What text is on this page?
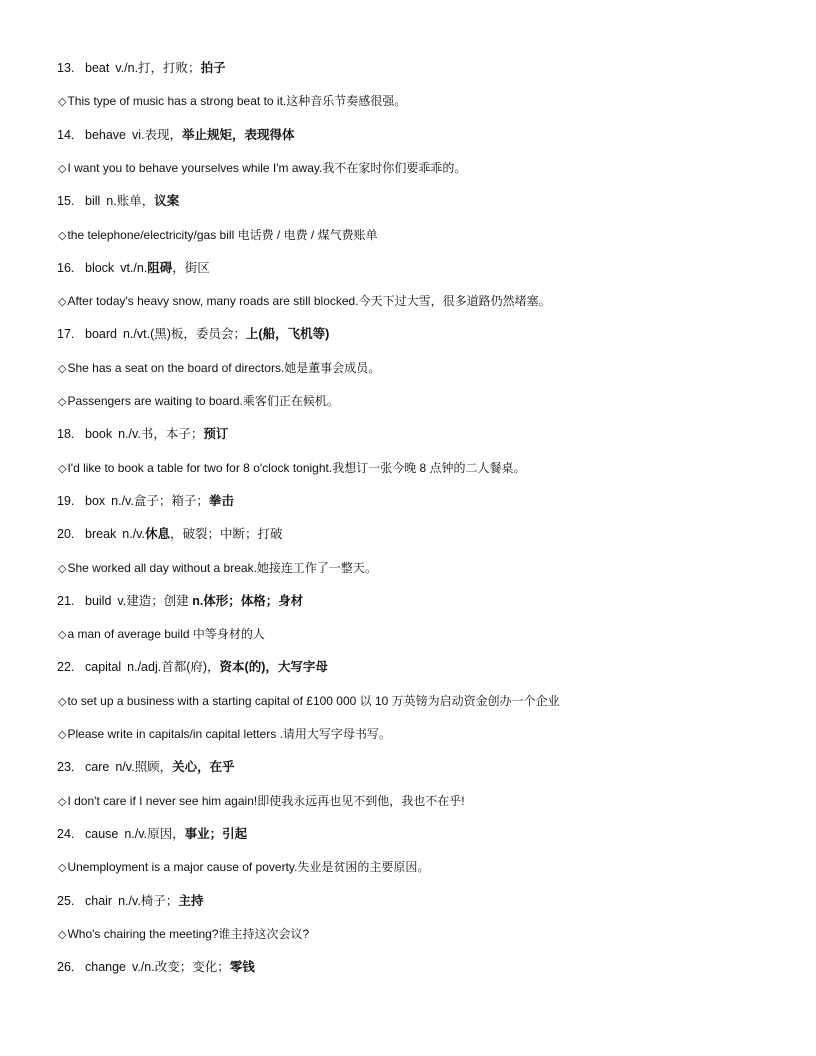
13. beat v./n.打，打败；拍子
◇This type of music has a strong beat to it.这种音乐节奏感很强。
14. behave vi.表现，举止规矩，表现得体
◇I want you to behave yourselves while I'm away.我不在家时你们要乖乖的。
15. bill n.账单，议案
◇the telephone/electricity/gas bill 电话费 / 电费 / 煤气费账单
16. block vt./n.阻碍，街区
◇After today's heavy snow, many roads are still blocked.今天下过大雪，很多道路仍然堵塞。
17. board n./vt.(黑)板，委员会；上(船，飞机等)
◇She has a seat on the board of directors.她是董事会成员。
◇Passengers are waiting to board.乘客们正在候机。
18. book n./v.书，本子；预订
◇I'd like to book a table for two for 8 o'clock tonight.我想订一张今晚 8 点钟的二人餐桌。
19. box n./v.盒子；箱子；拳击
20. break n./v.休息，破裂；中断；打破
◇She worked all day without a break.她接连工作了一整天。
21. build v.建造；创建 n.体形；体格；身材
◇a man of average build 中等身材的人
22. capital n./adj.首都(府)，资本(的)，大写字母
◇to set up a business with a starting capital of £100 000 以 10 万英镑为启动资金创办一个企业
◇Please write in capitals/in capital letters .请用大写字母书写。
23. care n/v.照顾，关心，在乎
◇I don't care if I never see him again!即使我永远再也见不到他，我也不在乎!
24. cause n./v.原因，事业；引起
◇Unemployment is a major cause of poverty.失业是贫困的主要原因。
25. chair n./v.椅子；主持
◇Who's chairing the meeting?谁主持这次会议?
26. change v./n.改变；变化；零钱
